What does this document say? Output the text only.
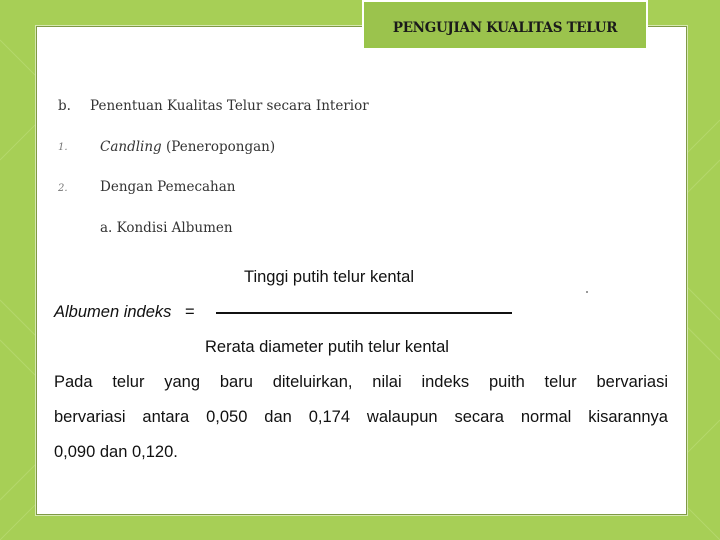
PENGUJIAN KUALITAS TELUR
b. Penentuan Kualitas Telur secara Interior
1. Candling (Peneropongan)
2. Dengan Pemecahan
a. Kondisi Albumen
Tinggi putih telur kental
Albumen indeks =
Rerata diameter putih telur kental
Pada telur yang baru diteluirkan, nilai indeks puith telur bervariasi
bervariasi antara 0,050 dan 0,174 walaupun secara normal kisarannya
0,090 dan 0,120.
